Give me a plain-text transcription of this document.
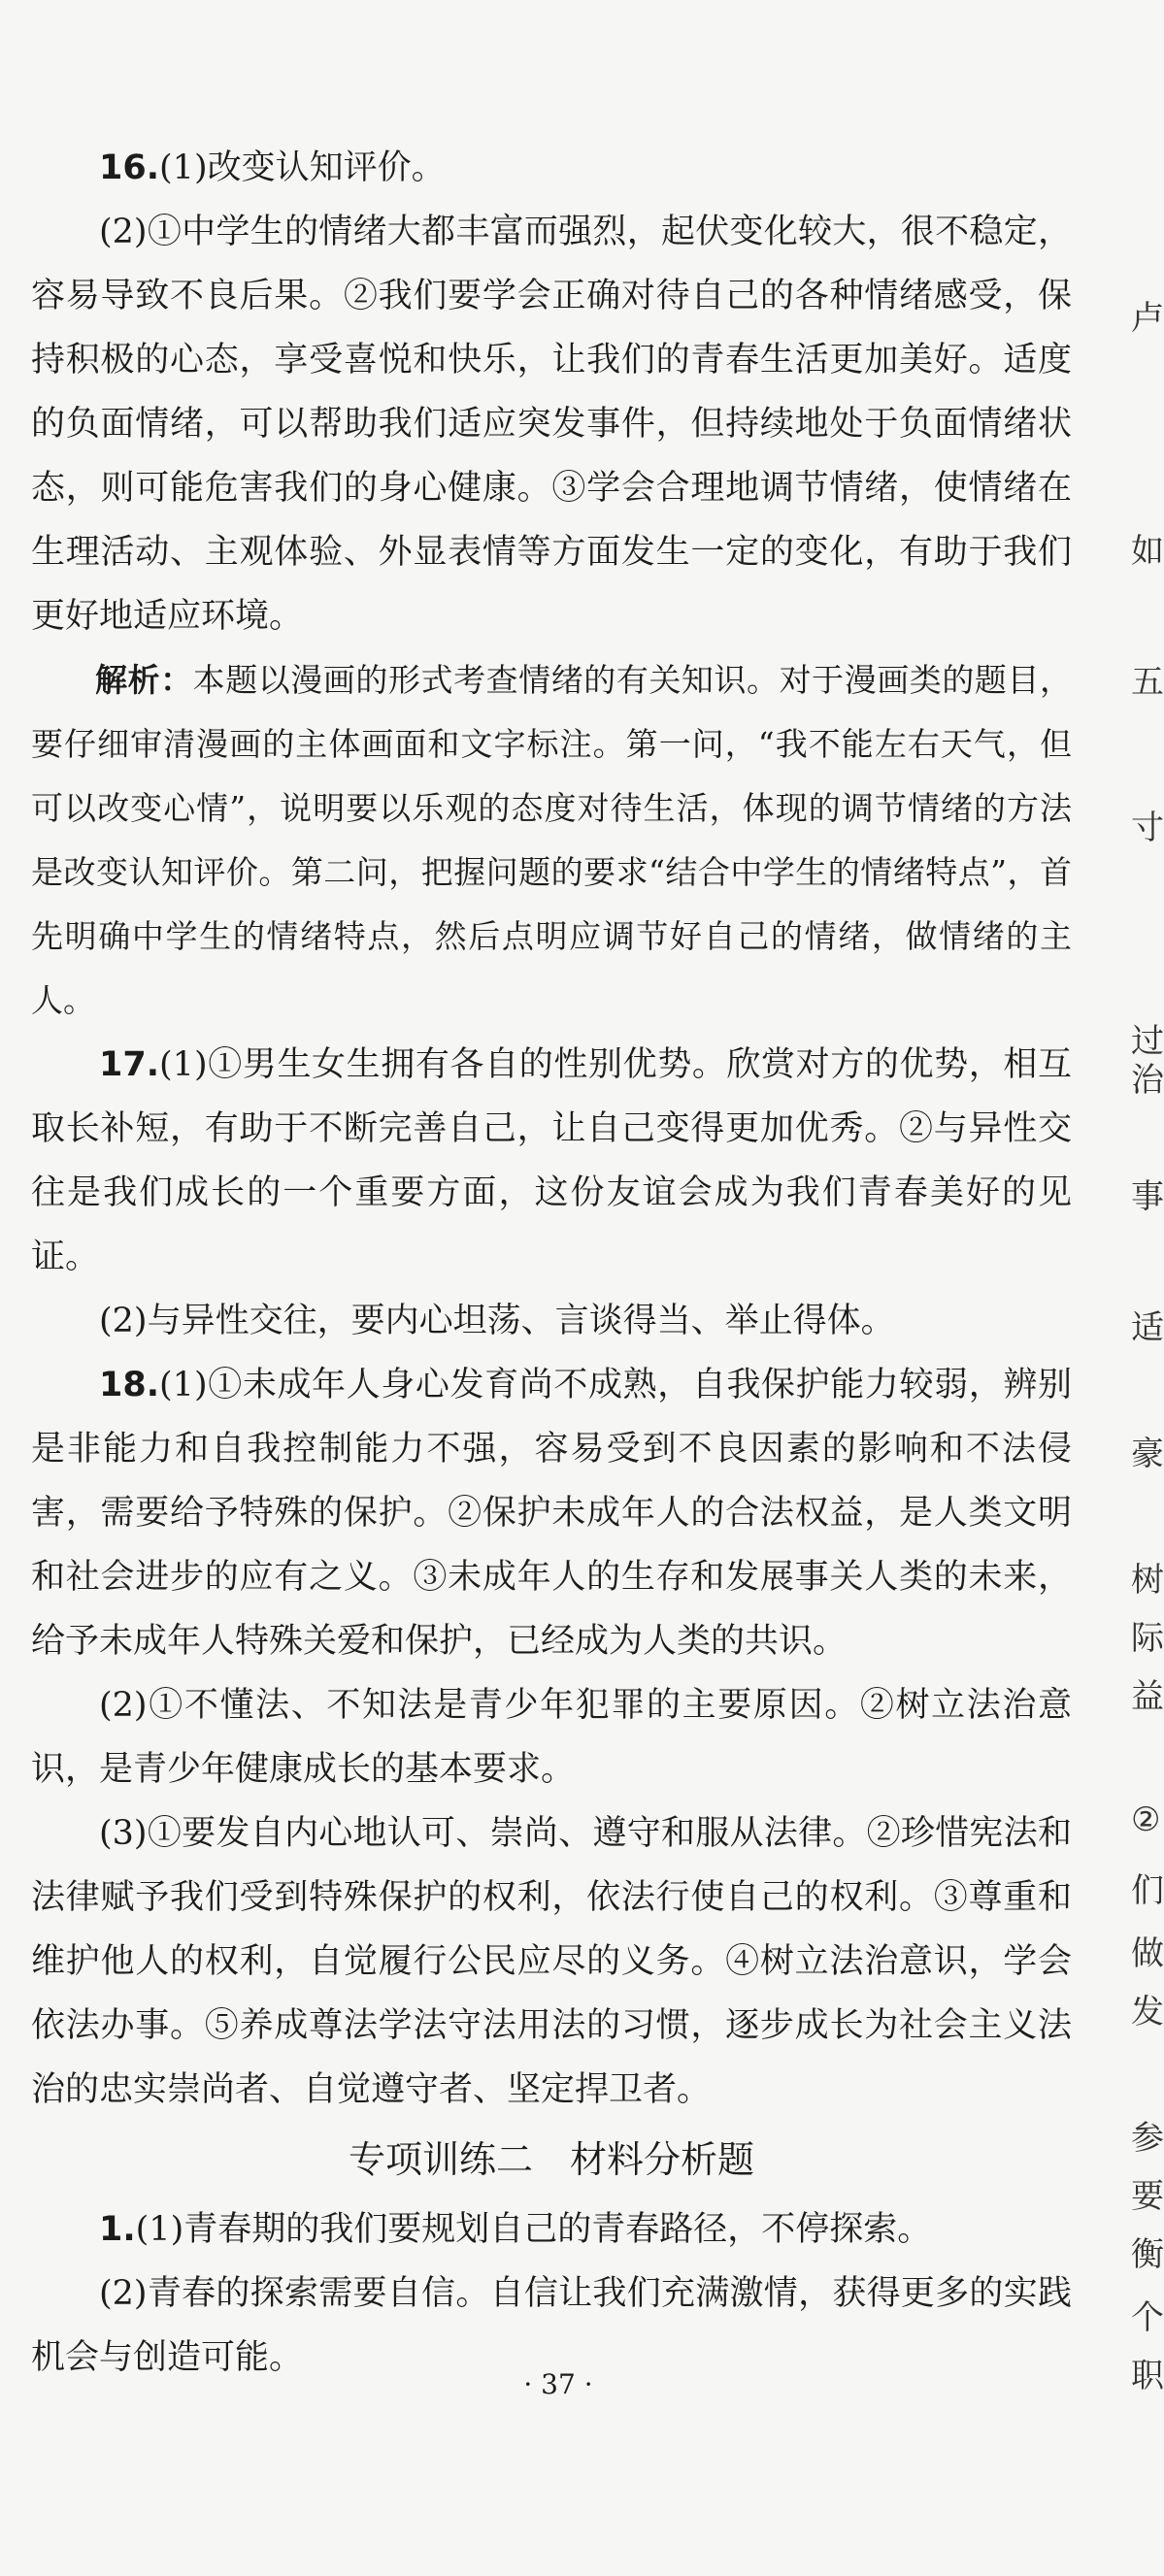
16.(1)改变认知评价。

(2)①中学生的情绪大都丰富而强烈，起伏变化较大，很不稳定，容易导致不良后果。②我们要学会正确对待自己的各种情绪感受，保持积极的心态，享受喜悦和快乐，让我们的青春生活更加美好。适度的负面情绪，可以帮助我们适应突发事件，但持续地处于负面情绪状态，则可能危害我们的身心健康。③学会合理地调节情绪，使情绪在生理活动、主观体验、外显表情等方面发生一定的变化，有助于我们更好地适应环境。

解析：本题以漫画的形式考查情绪的有关知识。对于漫画类的题目，要仔细审清漫画的主体画面和文字标注。第一问，“我不能左右天气，但可以改变心情”，说明要以乐观的态度对待生活，体现的调节情绪的方法是改变认知评价。第二问，把握问题的要求“结合中学生的情绪特点”，首先明确中学生的情绪特点，然后点明应调节好自己的情绪，做情绪的主人。

17.(1)①男生女生拥有各自的性别优势。欣赏对方的优势，相互取长补短，有助于不断完善自己，让自己变得更加优秀。②与异性交往是我们成长的一个重要方面，这份友谊会成为我们青春美好的见证。

(2)与异性交往，要内心坦荡、言谈得当、举止得体。

18.(1)①未成年人身心发育尚不成熟，自我保护能力较弱，辨别是非能力和自我控制能力不强，容易受到不良因素的影响和不法侵害，需要给予特殊的保护。②保护未成年人的合法权益，是人类文明和社会进步的应有之义。③未成年人的生存和发展事关人类的未来，给予未成年人特殊关爱和保护，已经成为人类的共识。

(2)①不懂法、不知法是青少年犯罪的主要原因。②树立法治意识，是青少年健康成长的基本要求。

(3)①要发自内心地认可、崇尚、遵守和服从法律。②珍惜宪法和法律赋予我们受到特殊保护的权利，依法行使自己的权利。③尊重和维护他人的权利，自觉履行公民应尽的义务。④树立法治意识，学会依法办事。⑤养成尊法学法守法用法的习惯，逐步成长为社会主义法治的忠实崇尚者、自觉遵守者、坚定捍卫者。

专项训练二　材料分析题

1.(1)青春期的我们要规划自己的青春路径，不停探索。

(2)青春的探索需要自信。自信让我们充满激情，获得更多的实践机会与创造可能。

· 37 ·
卢
如
五
寸
过
治
事
适
豪
树
际
益
②
们
做
发
参
要
衡
个
职
